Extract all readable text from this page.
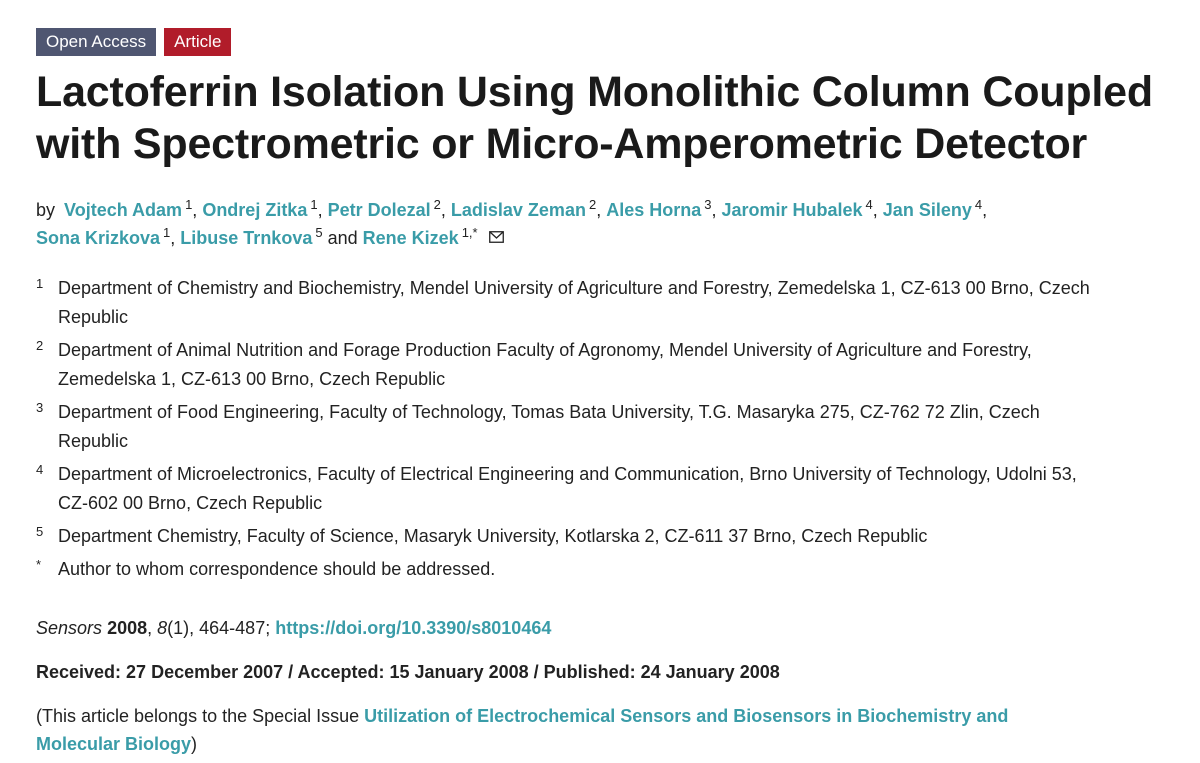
Open Access	Article
Lactoferrin Isolation Using Monolithic Column Coupled
with Spectrometric or Micro-Amperometric Detector
by Vojtech Adam $^1$, Ondrej Zitka $^1$, Petr Dolezal $^2$, Ladislav Zeman $^2$, Ales Horna $^3$, Jaromir Hubalek $^4$, Jan Sileny $^4$,
Sona Krizkova $^1$, Libuse Trnkova $^5$ and Rene Kizek $^{1,*}$
1 Department of Chemistry and Biochemistry, Mendel University of Agriculture and Forestry, Zemedelska 1, CZ-613 00 Brno, Czech Republic
2 Department of Animal Nutrition and Forage Production Faculty of Agronomy, Mendel University of Agriculture and Forestry, Zemedelska 1, CZ-613 00 Brno, Czech Republic
3 Department of Food Engineering, Faculty of Technology, Tomas Bata University, T.G. Masaryka 275, CZ-762 72 Zlin, Czech Republic
4 Department of Microelectronics, Faculty of Electrical Engineering and Communication, Brno University of Technology, Udolni 53, CZ-602 00 Brno, Czech Republic
5 Department Chemistry, Faculty of Science, Masaryk University, Kotlarska 2, CZ-611 37 Brno, Czech Republic
* Author to whom correspondence should be addressed.
Sensors 2008, 8(1), 464-487; https://doi.org/10.3390/s8010464
Received: 27 December 2007 / Accepted: 15 January 2008 / Published: 24 January 2008
(This article belongs to the Special Issue Utilization of Electrochemical Sensors and Biosensors in Biochemistry and Molecular Biology)
